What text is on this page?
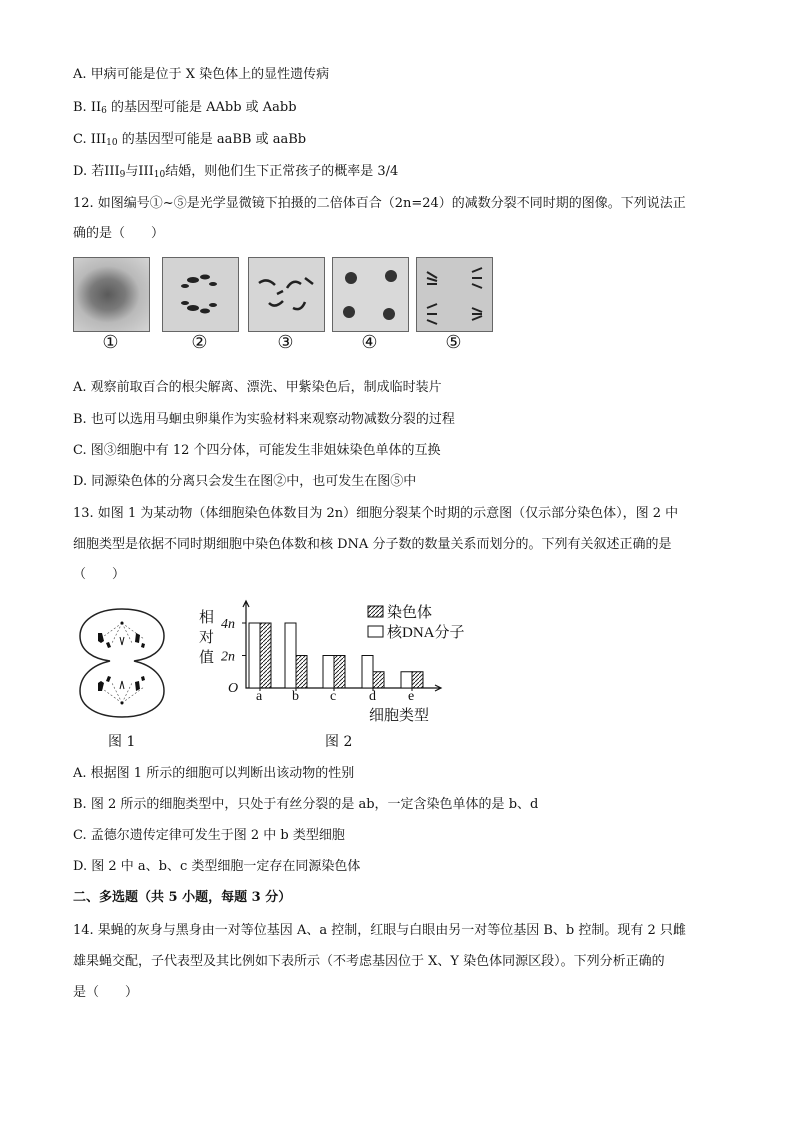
A. 甲病可能是位于 X 染色体上的显性遗传病
B. $II_6$ 的基因型可能是 AAbb 或 Aabb
C. $III_{10}$ 的基因型可能是 aaBB 或 aaBb
D. 若$III_9$与$III_{10}$结婚，则他们生下正常孩子的概率是 3/4
12. 如图编号①~⑤是光学显微镜下拍摄的二倍体百合（2n=24）的减数分裂不同时期的图像。下列说法正
确的是（　　）
①	②	③	④	⑤
A. 观察前取百合的根尖解离、漂洗、甲紫染色后，制成临时装片
B. 也可以选用马蛔虫卵巢作为实验材料来观察动物减数分裂的过程
C. 图③细胞中有 12 个四分体，可能发生非姐妹染色单体的互换
D. 同源染色体的分离只会发生在图②中，也可发生在图⑤中
13. 如图 1 为某动物（体细胞染色体数目为 2n）细胞分裂某个时期的示意图（仅示部分染色体），图 2 中
细胞类型是依据不同时期细胞中染色体数和核 DNA 分子数的数量关系而划分的。下列有关叙述正确的是
（　　）
图 1
相
对
值
O
2n
4n
a b c d e
染色体
核DNA分子
细胞类型
图 2
A. 根据图 1 所示的细胞可以判断出该动物的性别
B. 图 2 所示的细胞类型中，只处于有丝分裂的是 ab，一定含染色单体的是 b、d
C. 孟德尔遗传定律可发生于图 2 中 b 类型细胞
D. 图 2 中 a、b、c 类型细胞一定存在同源染色体
二、多选题（共 5 小题，每题 3 分）
14. 果蝇的灰身与黑身由一对等位基因 A、a 控制，红眼与白眼由另一对等位基因 B、b 控制。现有 2 只雌
雄果蝇交配，子代表型及其比例如下表所示（不考虑基因位于 X、Y 染色体同源区段）。下列分析正确的
是（　　）
